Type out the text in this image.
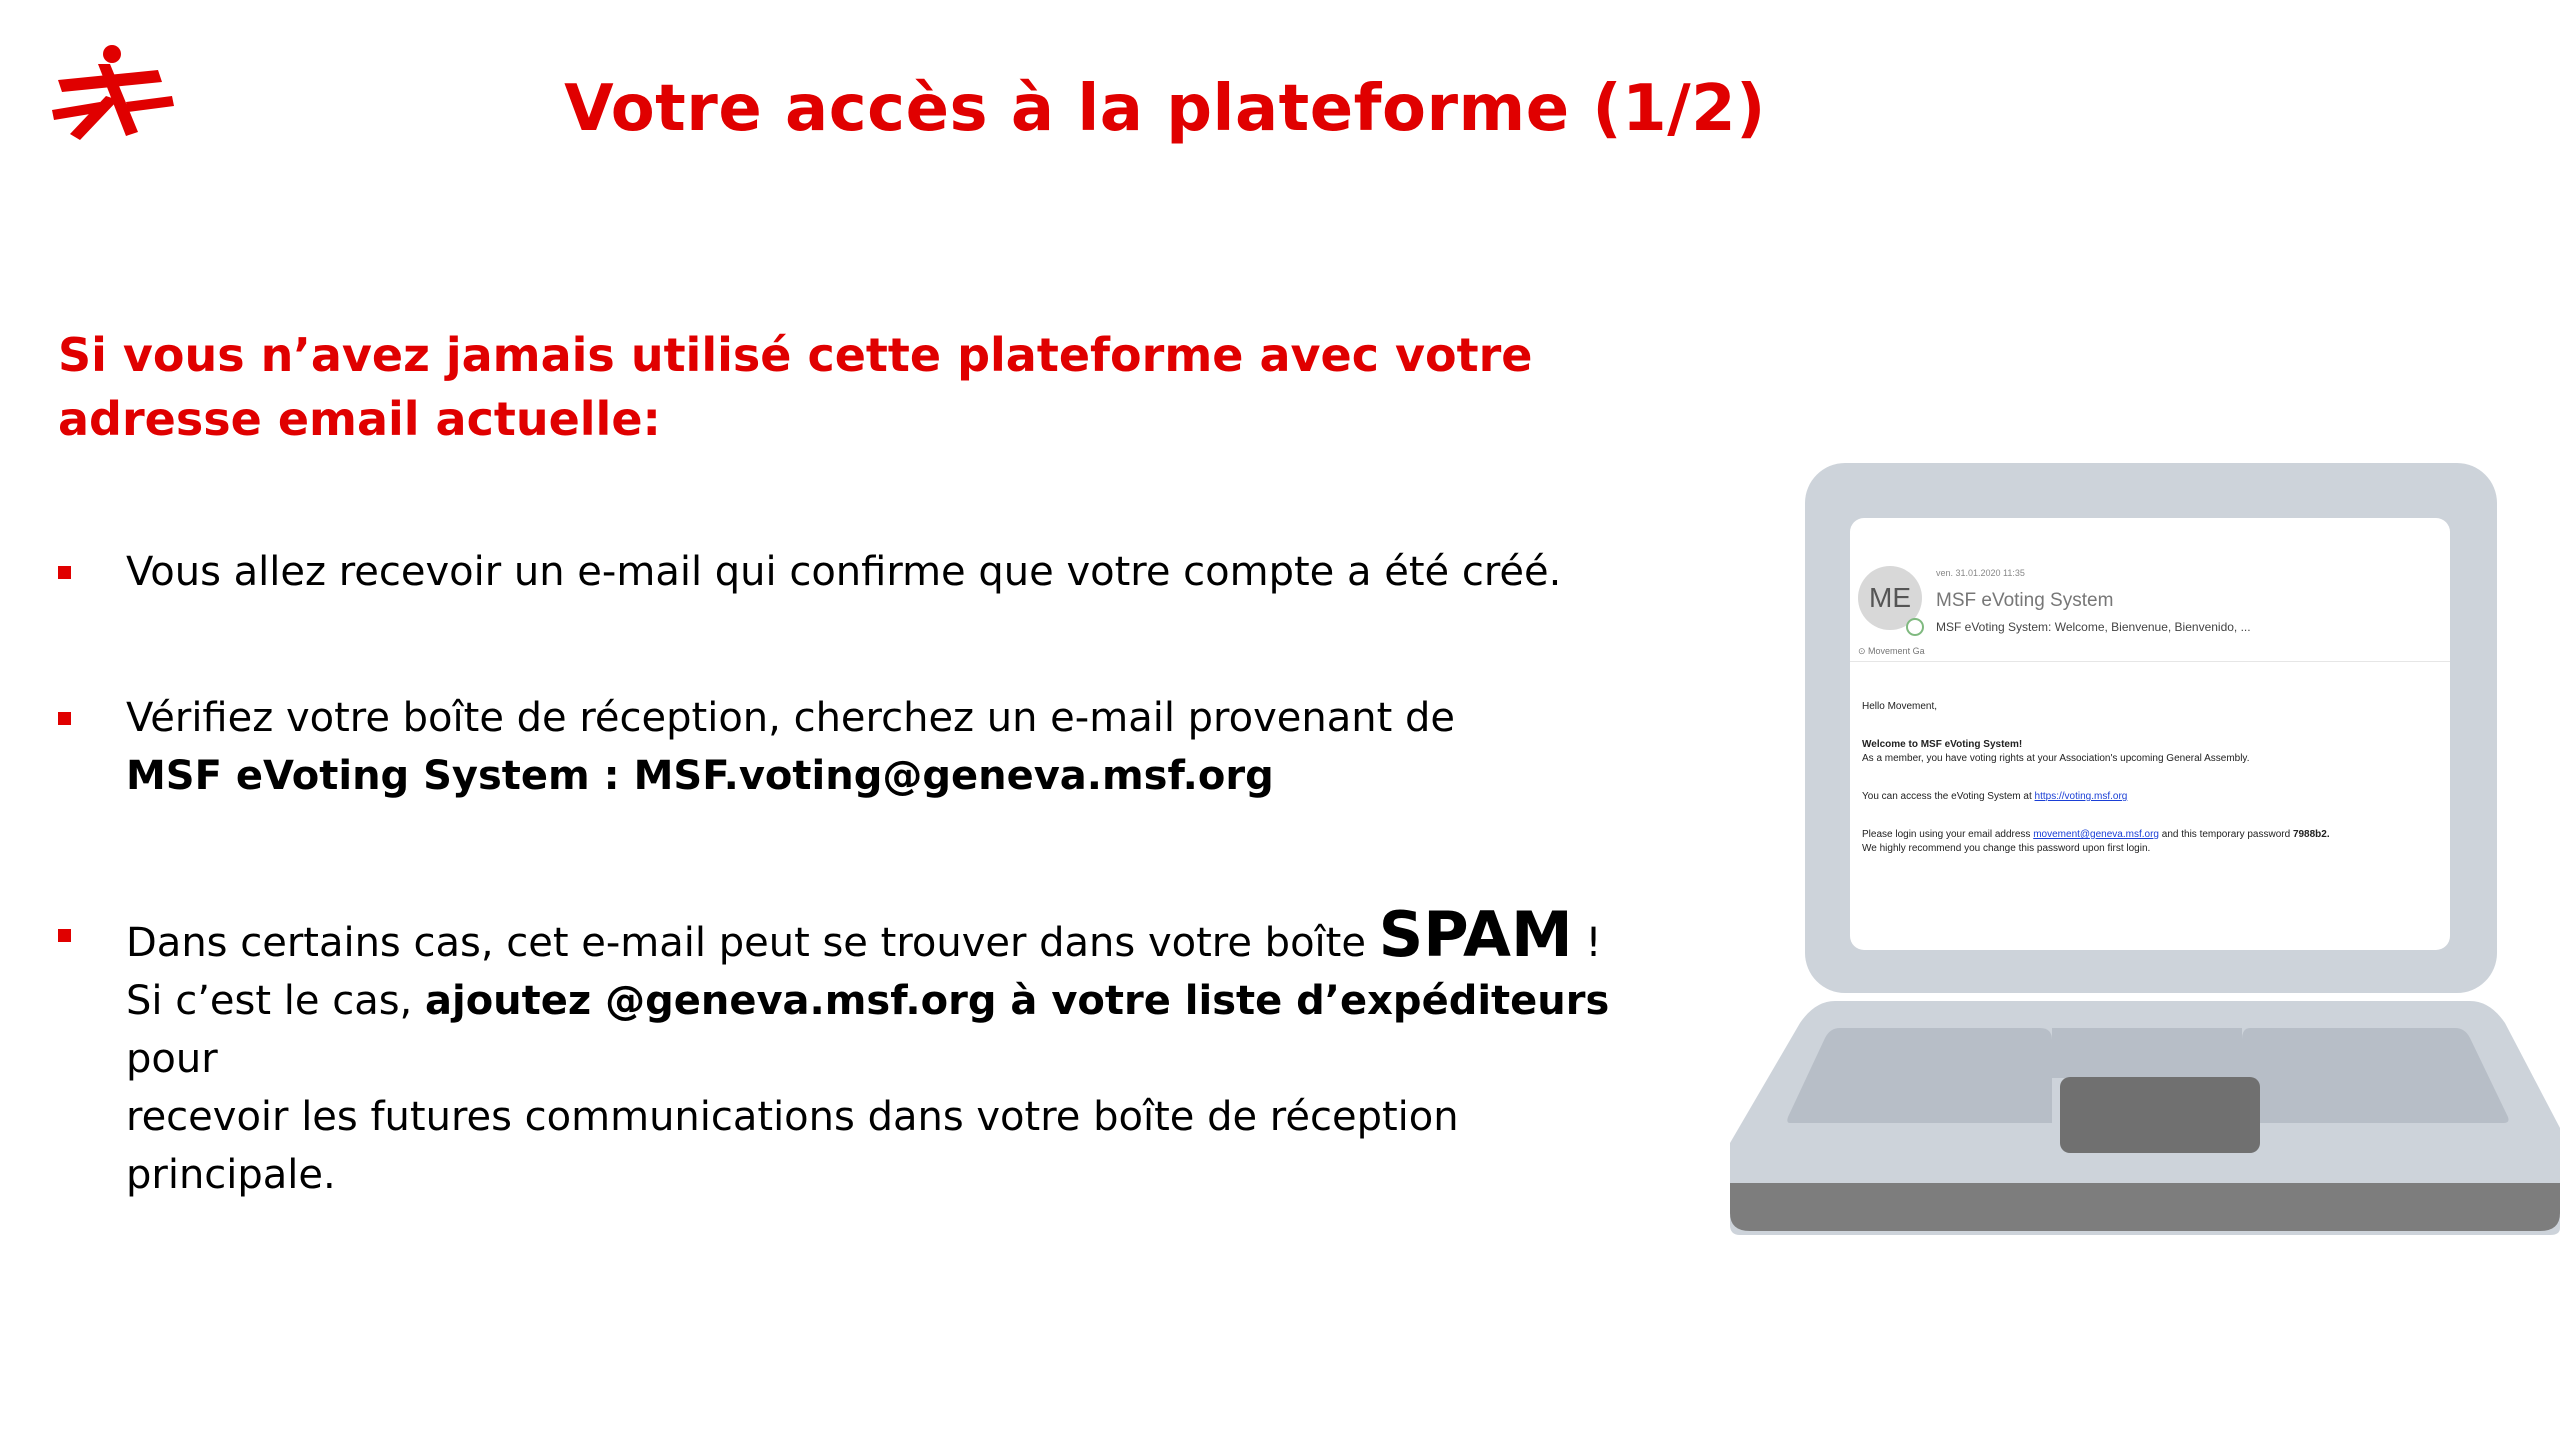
Votre accès à la plateforme (1/2)
Si vous n’avez jamais utilisé cette plateforme avec votre adresse email actuelle:
Vous allez recevoir un e-mail qui confirme que votre compte a été créé.
Vérifiez votre boîte de réception, cherchez un e-mail provenant de
MSF eVoting System : MSF.voting@geneva.msf.org
Dans certains cas, cet e-mail peut se trouver dans votre boîte SPAM !
Si c’est le cas, ajoutez @geneva.msf.org à votre liste d’expéditeurs pour
recevoir les futures communications dans votre boîte de réception principale.
ven. 31.01.2020 11:35
ME	MSF eVoting System
MSF eVoting System: Welcome, Bienvenue, Bienvenido, ...
⊙ Movement Ga

Hello Movement,

Welcome to MSF eVoting System!

As a member, you have voting rights at your Association's upcoming General Assembly.

You can access the eVoting System at https://voting.msf.org

Please login using your email address movement@geneva.msf.org and this temporary password 7988b2.
We highly recommend you change this password upon first login.
